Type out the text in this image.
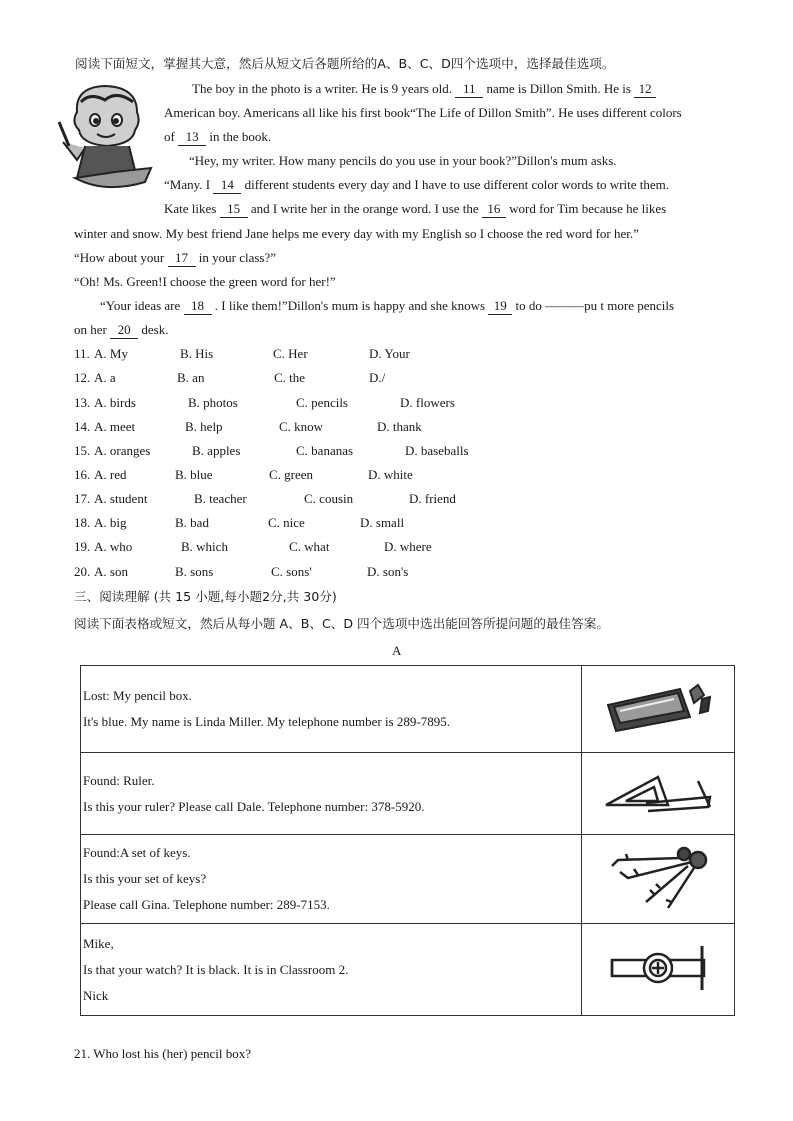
阅读下面短文，掌握其大意，然后从短文后各题所给的A、B、C、D四个选项中，选择最佳选项。
The boy in the photo is a writer. He is 9 years old. 11 name is Dillon Smith. He is 12
American boy. Americans all like his first book“The Life of Dillon Smith”. He uses different colors
of 13 in the book.
“Hey, my writer. How many pencils do you use in your book?”Dillon's mum asks.
“Many. I 14 different students every day and I have to use different color words to write them.
Kate likes 15 and I write her in the orange word. I use the 16 word for Tim because he likes
winter and snow. My best friend Jane helps me every day with my English so I choose the red word for her.”
“How about your 17 in your class?”
“Oh! Ms. Green!I choose the green word for her!”
“Your ideas are 18 . I like them!”Dillon's mum is happy and she knows 19 to do ———pu t more pencils
on her 20 desk.
11. A. My	B. His	C. Her	D. Your
12. A. a	B. an	C. the	D./
13. A. birds	B. photos	C. pencils	D. flowers
14. A. meet	B. help	C. know	D. thank
15. A. oranges	B. apples	C. bananas	D. baseballs
16. A. red	B. blue	C. green	D. white
17. A. student	B. teacher	C. cousin	D. friend
18. A. big	B. bad	C. nice	D. small
19. A. who	B. which	C. what	D. where
20. A. son	B. sons	C. sons'	D. son's
三、阅读理解 (共 15 小题,每小题2分,共 30分)
阅读下面表格或短文，然后从每小题 A、B、C、D 四个选项中选出能回答所提问题的最佳答案。
A
Lost: My pencil box.
It's blue. My name is Linda Miller. My telephone number is 289-7895.

Found: Ruler.
Is this your ruler? Please call Dale. Telephone number: 378-5920.

Found:A set of keys.
Is this your set of keys?
Please call Gina. Telephone number: 289-7153.

Mike,
Is that your watch? It is black. It is in Classroom 2.
Nick

21. Who lost his (her) pencil box?
